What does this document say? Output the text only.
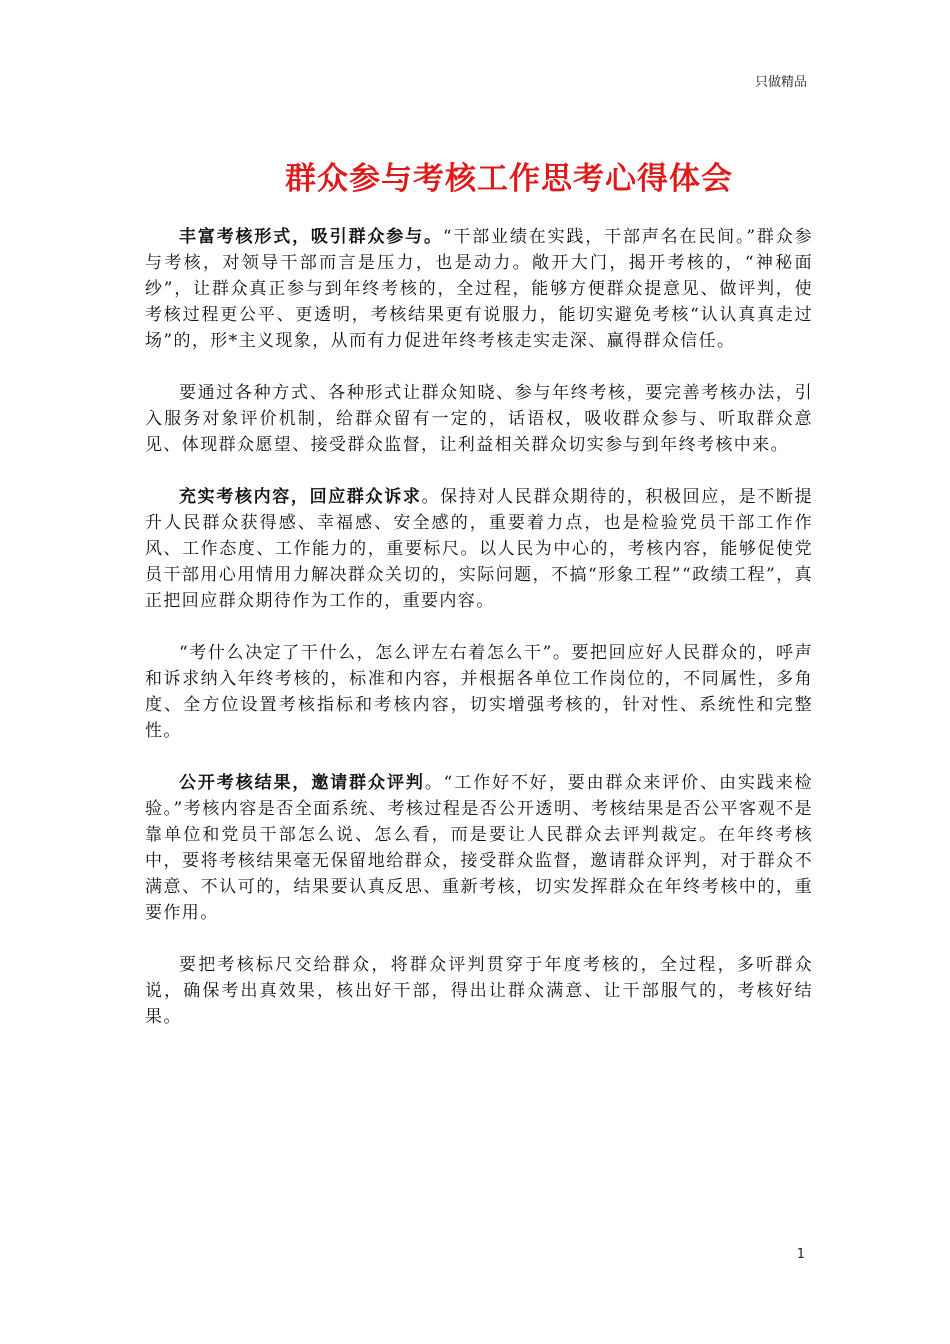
只做精品
群众参与考核工作思考心得体会

丰富考核形式，吸引群众参与。“干部业绩在实践，干部声名在民间。”群众参与考核，对领导干部而言是压力，也是动力。敞开大门，揭开考核的，“神秘面纱”，让群众真正参与到年终考核的，全过程，能够方便群众提意见、做评判，使考核过程更公平、更透明，考核结果更有说服力，能切实避免考核“认认真真走过场”的，形*主义现象，从而有力促进年终考核走实走深、赢得群众信任。

要通过各种方式、各种形式让群众知晓、参与年终考核，要完善考核办法，引入服务对象评价机制，给群众留有一定的，话语权，吸收群众参与、听取群众意见、体现群众愿望、接受群众监督，让利益相关群众切实参与到年终考核中来。

充实考核内容，回应群众诉求。保持对人民群众期待的，积极回应，是不断提升人民群众获得感、幸福感、安全感的，重要着力点，也是检验党员干部工作作风、工作态度、工作能力的，重要标尺。以人民为中心的，考核内容，能够促使党员干部用心用情用力解决群众关切的，实际问题，不搞“形象工程”“政绩工程”，真正把回应群众期待作为工作的，重要内容。

“考什么决定了干什么，怎么评左右着怎么干”。要把回应好人民群众的，呼声和诉求纳入年终考核的，标准和内容，并根据各单位工作岗位的，不同属性，多角度、全方位设置考核指标和考核内容，切实增强考核的，针对性、系统性和完整性。

公开考核结果，邀请群众评判。“工作好不好，要由群众来评价、由实践来检验。”考核内容是否全面系统、考核过程是否公开透明、考核结果是否公平客观不是靠单位和党员干部怎么说、怎么看，而是要让人民群众去评判裁定。在年终考核中，要将考核结果毫无保留地给群众，接受群众监督，邀请群众评判，对于群众不满意、不认可的，结果要认真反思、重新考核，切实发挥群众在年终考核中的，重要作用。

要把考核标尺交给群众，将群众评判贯穿于年度考核的，全过程，多听群众说，确保考出真效果，核出好干部，得出让群众满意、让干部服气的，考核好结果。

1
